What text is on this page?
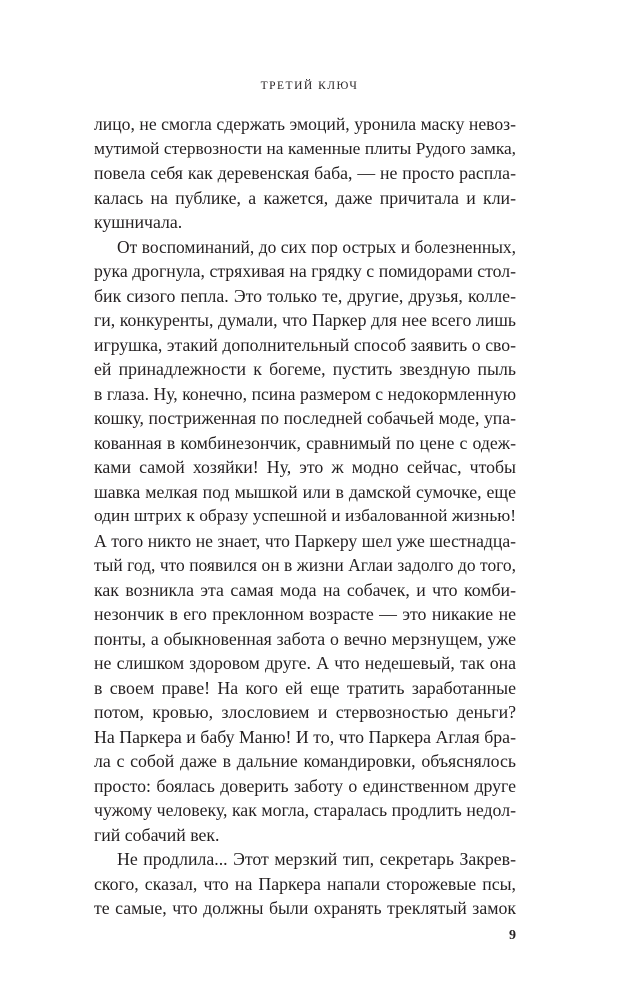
ТРЕТИЙ КЛЮЧ
лицо, не смогла сдержать эмоций, уронила маску невоз-
мутимой стервозности на каменные плиты Рудого замка,
повела себя как деревенская баба, — не просто распла-
калась на публике, а кажется, даже причитала и кли-
кушничала.
От воспоминаний, до сих пор острых и болезненных,
рука дрогнула, стряхивая на грядку с помидорами стол-
бик сизого пепла. Это только те, другие, друзья, колле-
ги, конкуренты, думали, что Паркер для нее всего лишь
игрушка, этакий дополнительный способ заявить о сво-
ей принадлежности к богеме, пустить звездную пыль
в глаза. Ну, конечно, псина размером с недокормленную
кошку, постриженная по последней собачьей моде, упа-
кованная в комбинезончик, сравнимый по цене с одеж-
ками самой хозяйки! Ну, это ж модно сейчас, чтобы
шавка мелкая под мышкой или в дамской сумочке, еще
один штрих к образу успешной и избалованной жизнью!
А того никто не знает, что Паркеру шел уже шестнадца-
тый год, что появился он в жизни Аглаи задолго до того,
как возникла эта самая мода на собачек, и что комби-
незончик в его преклонном возрасте — это никакие не
понты, а обыкновенная забота о вечно мерзнущем, уже
не слишком здоровом друге. А что недешевый, так она
в своем праве! На кого ей еще тратить заработанные
потом, кровью, злословием и стервозностью деньги?
На Паркера и бабу Маню! И то, что Паркера Аглая бра-
ла с собой даже в дальние командировки, объяснялось
просто: боялась доверить заботу о единственном друге
чужому человеку, как могла, старалась продлить недол-
гий собачий век.
Не продлила... Этот мерзкий тип, секретарь Закрев-
ского, сказал, что на Паркера напали сторожевые псы,
те самые, что должны были охранять треклятый замок
9
